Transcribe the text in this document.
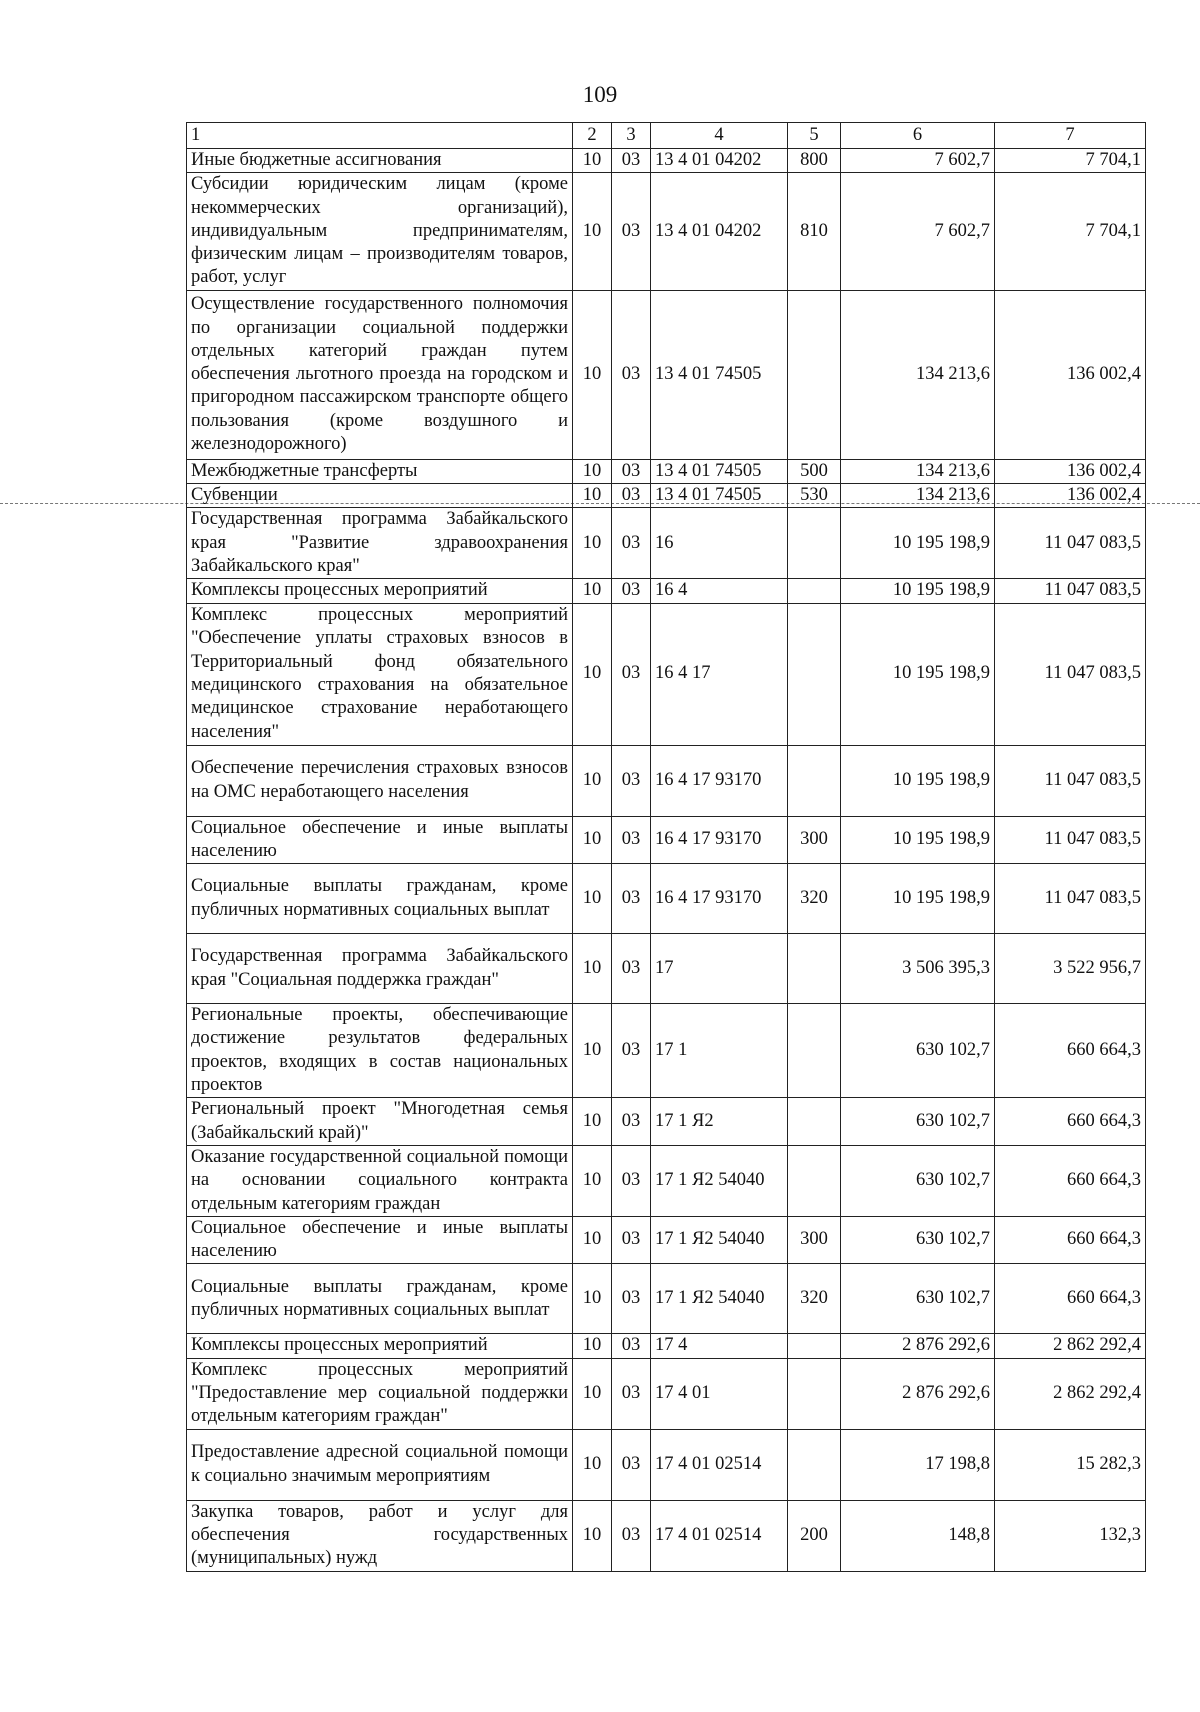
109
1	2	3	4	5	6	7
Иные бюджетные ассигнования	10	03	13 4 01 04202	800	7 602,7	7 704,1
Субсидии юридическим лицам (кроме некоммерческих организаций), индивидуальным предпринимателям, физическим лицам – производителям товаров, работ, услуг	10	03	13 4 01 04202	810	7 602,7	7 704,1
Осуществление государственного полномочия по организации социальной поддержки отдельных категорий граждан путем обеспечения льготного проезда на городском и пригородном пассажирском транспорте общего пользования (кроме воздушного и железнодорожного)	10	03	13 4 01 74505		134 213,6	136 002,4
Межбюджетные трансферты	10	03	13 4 01 74505	500	134 213,6	136 002,4
Субвенции	10	03	13 4 01 74505	530	134 213,6	136 002,4
Государственная программа Забайкальского края "Развитие здравоохранения Забайкальского края"	10	03	16		10 195 198,9	11 047 083,5
Комплексы процессных мероприятий	10	03	16 4		10 195 198,9	11 047 083,5
Комплекс процессных мероприятий "Обеспечение уплаты страховых взносов в Территориальный фонд обязательного медицинского страхования на обязательное медицинское страхование неработающего населения"	10	03	16 4 17		10 195 198,9	11 047 083,5
Обеспечение перечисления страховых взносов на ОМС неработающего населения	10	03	16 4 17 93170		10 195 198,9	11 047 083,5
Социальное обеспечение и иные выплаты населению	10	03	16 4 17 93170	300	10 195 198,9	11 047 083,5
Социальные выплаты гражданам, кроме публичных нормативных социальных выплат	10	03	16 4 17 93170	320	10 195 198,9	11 047 083,5
Государственная программа Забайкальского края "Социальная поддержка граждан"	10	03	17		3 506 395,3	3 522 956,7
Региональные проекты, обеспечивающие достижение результатов федеральных проектов, входящих в состав национальных проектов	10	03	17 1		630 102,7	660 664,3
Региональный проект "Многодетная семья (Забайкальский край)"	10	03	17 1 Я2		630 102,7	660 664,3
Оказание государственной социальной помощи на основании социального контракта отдельным категориям граждан	10	03	17 1 Я2 54040		630 102,7	660 664,3
Социальное обеспечение и иные выплаты населению	10	03	17 1 Я2 54040	300	630 102,7	660 664,3
Социальные выплаты гражданам, кроме публичных нормативных социальных выплат	10	03	17 1 Я2 54040	320	630 102,7	660 664,3
Комплексы процессных мероприятий	10	03	17 4		2 876 292,6	2 862 292,4
Комплекс процессных мероприятий "Предоставление мер социальной поддержки отдельным категориям граждан"	10	03	17 4 01		2 876 292,6	2 862 292,4
Предоставление адресной социальной помощи к социально значимым мероприятиям	10	03	17 4 01 02514		17 198,8	15 282,3
Закупка товаров, работ и услуг для обеспечения государственных (муниципальных) нужд	10	03	17 4 01 02514	200	148,8	132,3
